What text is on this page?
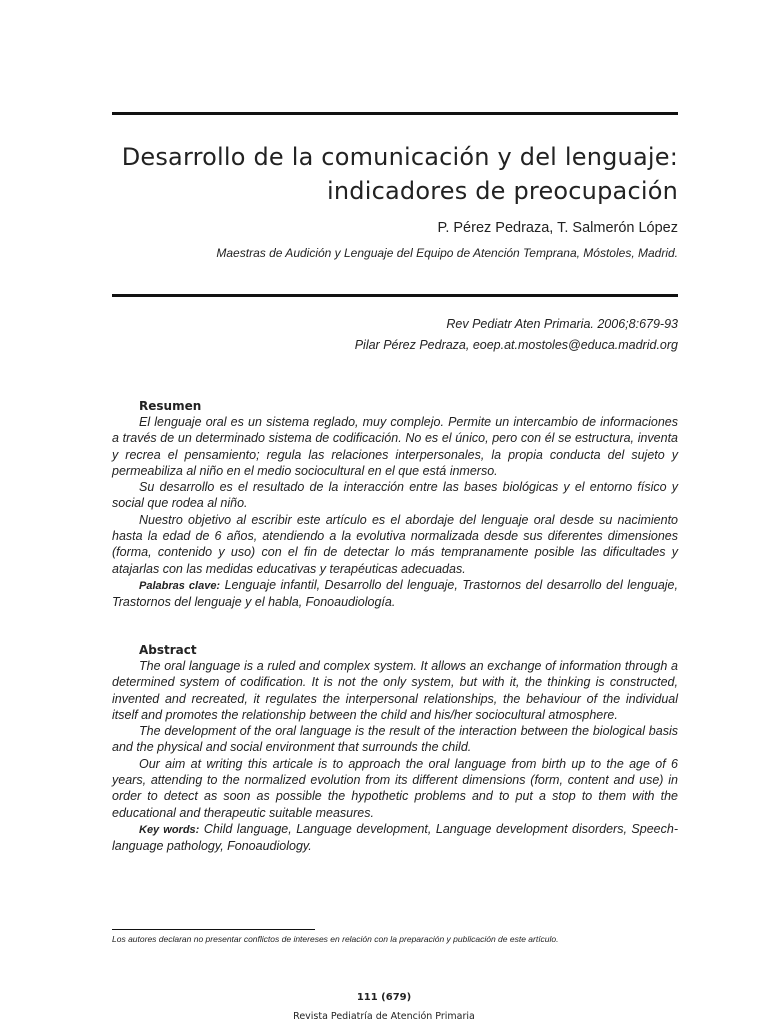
Desarrollo de la comunicación y del lenguaje:
indicadores de preocupación
P. Pérez Pedraza, T. Salmerón López
Maestras de Audición y Lenguaje del Equipo de Atención Temprana, Móstoles, Madrid.
Rev Pediatr Aten Primaria. 2006;8:679-93
Pilar Pérez Pedraza, eoep.at.mostoles@educa.madrid.org
Resumen

El lenguaje oral es un sistema reglado, muy complejo. Permite un intercambio de informaciones a través de un determinado sistema de codificación. No es el único, pero con él se estructura, inventa y recrea el pensamiento; regula las relaciones interpersonales, la propia conducta del sujeto y permeabiliza al niño en el medio sociocultural en el que está inmerso.

Su desarrollo es el resultado de la interacción entre las bases biológicas y el entorno físico y social que rodea al niño.

Nuestro objetivo al escribir este artículo es el abordaje del lenguaje oral desde su nacimiento hasta la edad de 6 años, atendiendo a la evolutiva normalizada desde sus diferentes dimensiones (forma, contenido y uso) con el fin de detectar lo más tempranamente posible las dificultades y atajarlas con las medidas educativas y terapéuticas adecuadas.

Palabras clave: Lenguaje infantil, Desarrollo del lenguaje, Trastornos del desarrollo del lenguaje, Trastornos del lenguaje y el habla, Fonoaudiología.

Abstract

The oral language is a ruled and complex system. It allows an exchange of information through a determined system of codification. It is not the only system, but with it, the thinking is constructed, invented and recreated, it regulates the interpersonal relationships, the behaviour of the individual itself and promotes the relationship between the child and his/her sociocultural atmosphere.

The development of the oral language is the result of the interaction between the biological basis and the physical and social environment that surrounds the child.

Our aim at writing this articale is to approach the oral language from birth up to the age of 6 years, attending to the normalized evolution from its different dimensions (form, content and use) in order to detect as soon as possible the hypothetic problems and to put a stop to them with the educational and therapeutic suitable measures.

Key words: Child language, Language development, Language development disorders, Speech-language pathology, Fonoaudiology.

Los autores declaran no presentar conflictos de intereses en relación con la preparación y publicación de este artículo.
111 (679)
Revista Pediatría de Atención Primaria
